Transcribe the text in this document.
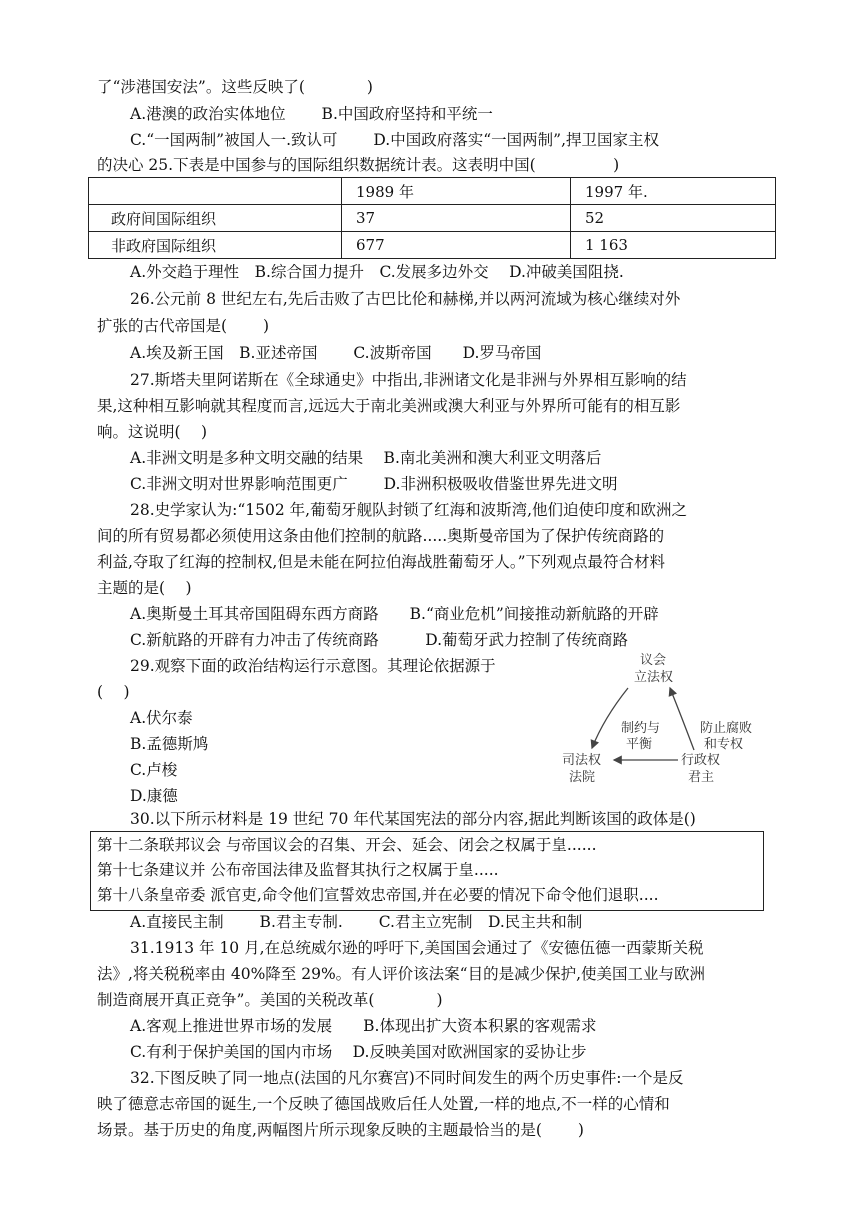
了“涉港国安法”。这些反映了(　　　　)
A.港澳的政治实体地位　　 B.中国政府坚持和平统一
C.“一国两制”被国人一.致认可　　 D.中国政府落实“一国两制”,捍卫国家主权
的决心 25.下表是中国参与的国际组织数据统计表。这表明中国(　　　　　)
	1989 年	1997 年.
政府间国际组织	37	52
非政府国际组织	677	1 163
A.外交趋于理性　B.综合国力提升　C.发展多边外交　 D.冲破美国阻挠.
26.公元前 8 世纪左右,先后击败了古巴比伦和赫梯,并以两河流域为核心继续对外
扩张的古代帝国是(　　 )
A.埃及新王国　B.亚述帝国　　 C.波斯帝国　　D.罗马帝国
27.斯塔夫里阿诺斯在《全球通史》中指出,非洲诸文化是非洲与外界相互影响的结
果,这种相互影响就其程度而言,远远大于南北美洲或澳大利亚与外界所可能有的相互影
响。这说明(　 )
A.非洲文明是多种文明交融的结果　 B.南北美洲和澳大利亚文明落后
C.非洲文明对世界影响范围更广　　 D.非洲积极吸收借鉴世界先进文明
28.史学家认为:“1502 年,葡萄牙舰队封锁了红海和波斯湾,他们迫使印度和欧洲之
间的所有贸易都必须使用这条由他们控制的航路.....奥斯曼帝国为了保护传统商路的
利益,夺取了红海的控制权,但是未能在阿拉伯海战胜葡萄牙人。”下列观点最符合材料
主题的是(　 )
A.奥斯曼土耳其帝国阻碍东西方商路　　B.“商业危机”间接推动新航路的开辟
C.新航路的开辟有力冲击了传统商路　　　D.葡萄牙武力控制了传统商路
29.观察下面的政治结构运行示意图。其理论依据源于
(　 )
A.伏尔泰
B.孟德斯鸠
C.卢梭
D.康德
议会
立法权
制约与
平衡
防止腐败
和专权
司法权
法院
行政权
君主
30.以下所示材料是 19 世纪 70 年代某国宪法的部分内容,据此判断该国的政体是()
第十二条联邦议会 与帝国议会的召集、开会、延会、闭会之权属于皇......
第十七条建议并 公布帝国法律及监督其执行之权属于皇.....
第十八条皇帝委 派官吏,命令他们宣誓效忠帝国,并在必要的情况下命令他们退职....
A.直接民主制　　 B.君主专制.　　 C.君主立宪制　D.民主共和制
31.1913 年 10 月,在总统威尔逊的呼吁下,美国国会通过了《安德伍德一西蒙斯关税
法》,将关税税率由 40%降至 29%。有人评价该法案“目的是减少保护,使美国工业与欧洲
制造商展开真正竞争”。美国的关税改革(　　　　)
A.客观上推进世界市场的发展　　B.体现出扩大资本积累的客观需求
C.有利于保护美国的国内市场　 D.反映美国对欧洲国家的妥协让步
32.下图反映了同一地点(法国的凡尔赛宫)不同时间发生的两个历史事件:一个是反
映了德意志帝国的诞生,一个反映了德国战败后任人处置,一样的地点,不一样的心情和
场景。基于历史的角度,两幅图片所示现象反映的主题最恰当的是(　　 )
